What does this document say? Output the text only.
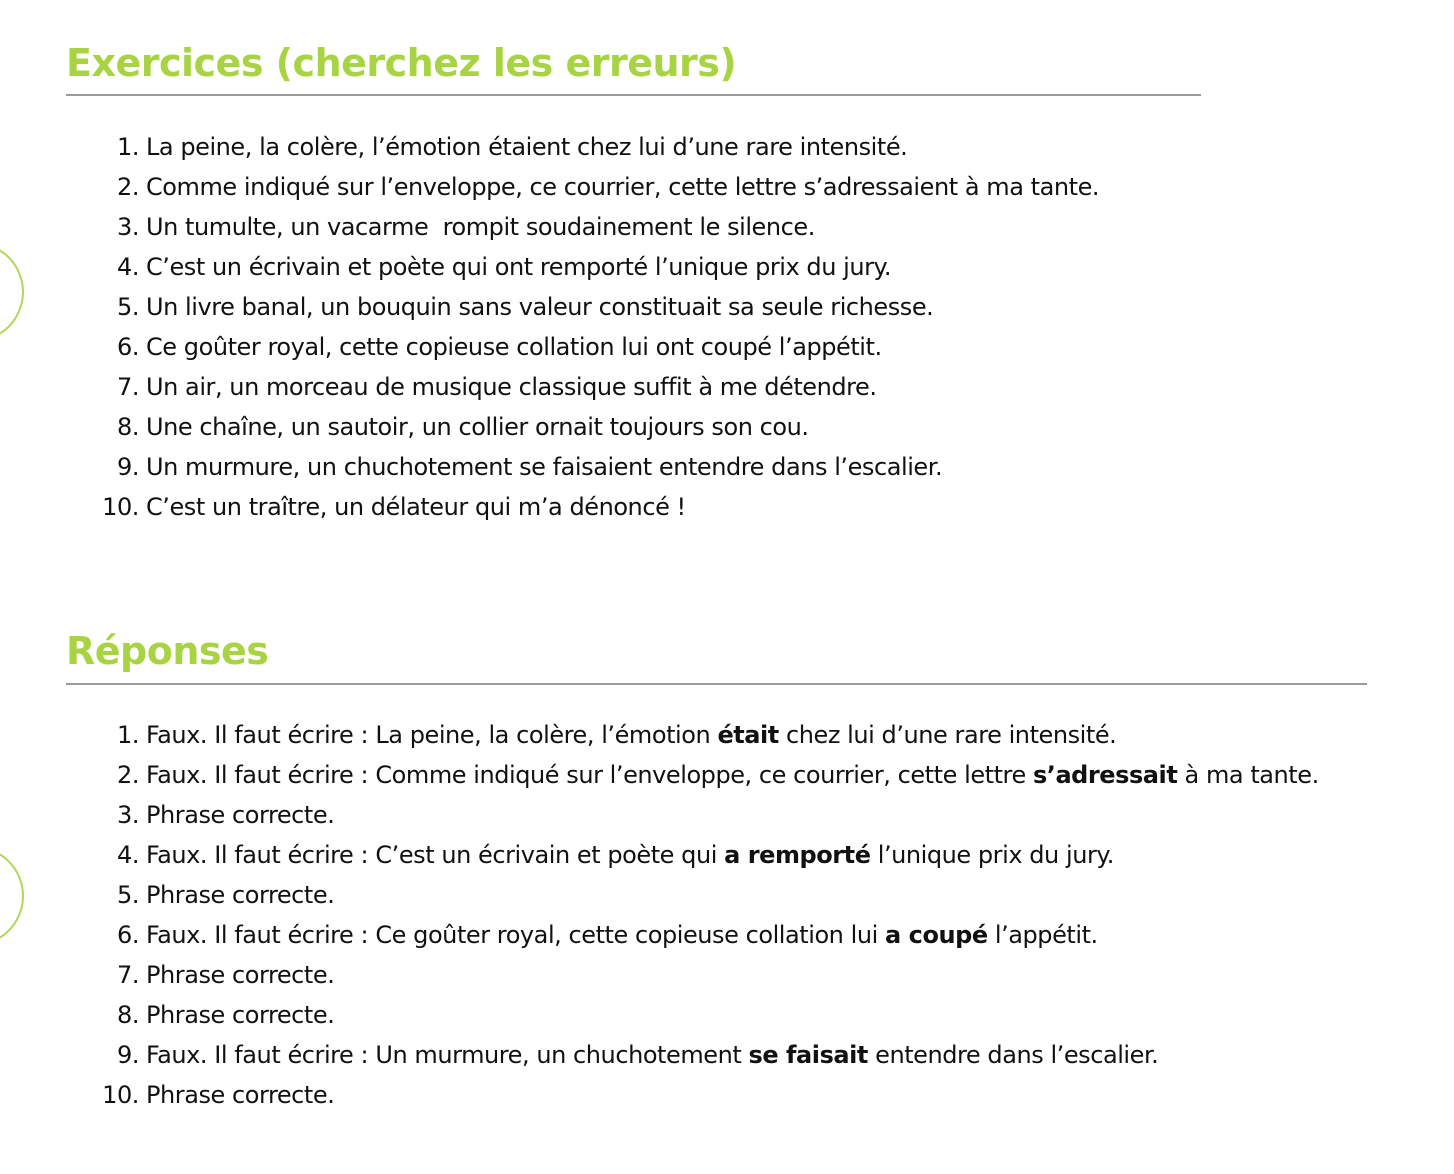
Exercices (cherchez les erreurs)
1. La peine, la colère, l’émotion étaient chez lui d’une rare intensité.
2. Comme indiqué sur l’enveloppe, ce courrier, cette lettre s’adressaient à ma tante.
3. Un tumulte, un vacarme  rompit soudainement le silence.
4. C’est un écrivain et poète qui ont remporté l’unique prix du jury.
5. Un livre banal, un bouquin sans valeur constituait sa seule richesse.
6. Ce goûter royal, cette copieuse collation lui ont coupé l’appétit.
7. Un air, un morceau de musique classique suffit à me détendre.
8. Une chaîne, un sautoir, un collier ornait toujours son cou.
9. Un murmure, un chuchotement se faisaient entendre dans l’escalier.
10. C’est un traître, un délateur qui m’a dénoncé !
Réponses
1. Faux. Il faut écrire : La peine, la colère, l’émotion était chez lui d’une rare intensité.
2. Faux. Il faut écrire : Comme indiqué sur l’enveloppe, ce courrier, cette lettre s’adressait à ma tante.
3. Phrase correcte.
4. Faux. Il faut écrire : C’est un écrivain et poète qui a remporté l’unique prix du jury.
5. Phrase correcte.
6. Faux. Il faut écrire : Ce goûter royal, cette copieuse collation lui a coupé l’appétit.
7. Phrase correcte.
8. Phrase correcte.
9. Faux. Il faut écrire : Un murmure, un chuchotement se faisait entendre dans l’escalier.
10. Phrase correcte.
